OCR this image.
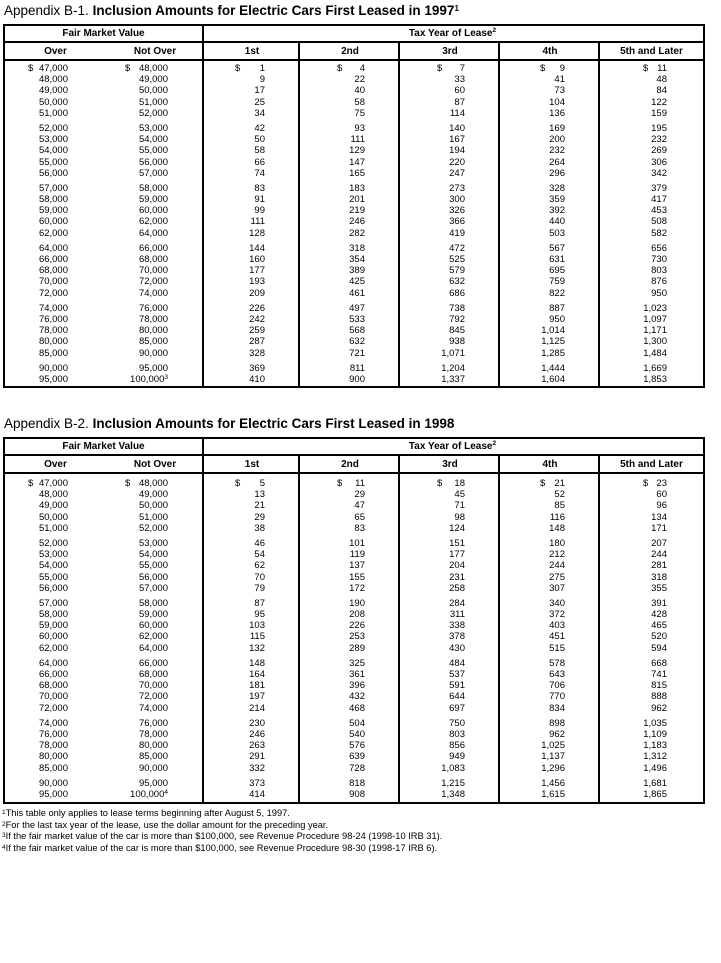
Appendix B-1. Inclusion Amounts for Electric Cars First Leased in 1997$^1$

Fair Market Value	Tax Year of Lease$^2$
Over	Not Over	1st	2nd	3rd	4th	5th and Later
$ 47,000	$ 48,000	$ 1	$ 4	$ 7	$ 9	$ 11
48,000	49,000	9	22	33	41	48
49,000	50,000	17	40	60	73	84
50,000	51,000	25	58	87	104	122
51,000	52,000	34	75	114	136	159
52,000	53,000	42	93	140	169	195
53,000	54,000	50	111	167	200	232
54,000	55,000	58	129	194	232	269
55,000	56,000	66	147	220	264	306
56,000	57,000	74	165	247	296	342
57,000	58,000	83	183	273	328	379
58,000	59,000	91	201	300	359	417
59,000	60,000	99	219	326	392	453
60,000	62,000	111	246	366	440	508
62,000	64,000	128	282	419	503	582
64,000	66,000	144	318	472	567	656
66,000	68,000	160	354	525	631	730
68,000	70,000	177	389	579	695	803
70,000	72,000	193	425	632	759	876
72,000	74,000	209	461	686	822	950
74,000	76,000	226	497	738	887	1,023
76,000	78,000	242	533	792	950	1,097
78,000	80,000	259	568	845	1,014	1,171
80,000	85,000	287	632	938	1,125	1,300
85,000	90,000	328	721	1,071	1,285	1,484
90,000	95,000	369	811	1,204	1,444	1,669
95,000	100,000$^3$	410	900	1,337	1,604	1,853

Appendix B-2. Inclusion Amounts for Electric Cars First Leased in 1998

Fair Market Value	Tax Year of Lease$^2$
Over	Not Over	1st	2nd	3rd	4th	5th and Later
$ 47,000	$ 48,000	$ 5	$ 11	$ 18	$ 21	$ 23
48,000	49,000	13	29	45	52	60
49,000	50,000	21	47	71	85	96
50,000	51,000	29	65	98	116	134
51,000	52,000	38	83	124	148	171
52,000	53,000	46	101	151	180	207
53,000	54,000	54	119	177	212	244
54,000	55,000	62	137	204	244	281
55,000	56,000	70	155	231	275	318
56,000	57,000	79	172	258	307	355
57,000	58,000	87	190	284	340	391
58,000	59,000	95	208	311	372	428
59,000	60,000	103	226	338	403	465
60,000	62,000	115	253	378	451	520
62,000	64,000	132	289	430	515	594
64,000	66,000	148	325	484	578	668
66,000	68,000	164	361	537	643	741
68,000	70,000	181	396	591	706	815
70,000	72,000	197	432	644	770	888
72,000	74,000	214	468	697	834	962
74,000	76,000	230	504	750	898	1,035
76,000	78,000	246	540	803	962	1,109
78,000	80,000	263	576	856	1,025	1,183
80,000	85,000	291	639	949	1,137	1,312
85,000	90,000	332	728	1,083	1,296	1,496
90,000	95,000	373	818	1,215	1,456	1,681
95,000	100,000$^4$	414	908	1,348	1,615	1,865
$^1$This table only applies to lease terms beginning after August 5, 1997.
$^2$For the last tax year of the lease, use the dollar amount for the preceding year.
$^3$If the fair market value of the car is more than $100,000, see Revenue Procedure 98-24 (1998-10 IRB 31).
$^4$If the fair market value of the car is more than $100,000, see Revenue Procedure 98-30 (1998-17 IRB 6).
